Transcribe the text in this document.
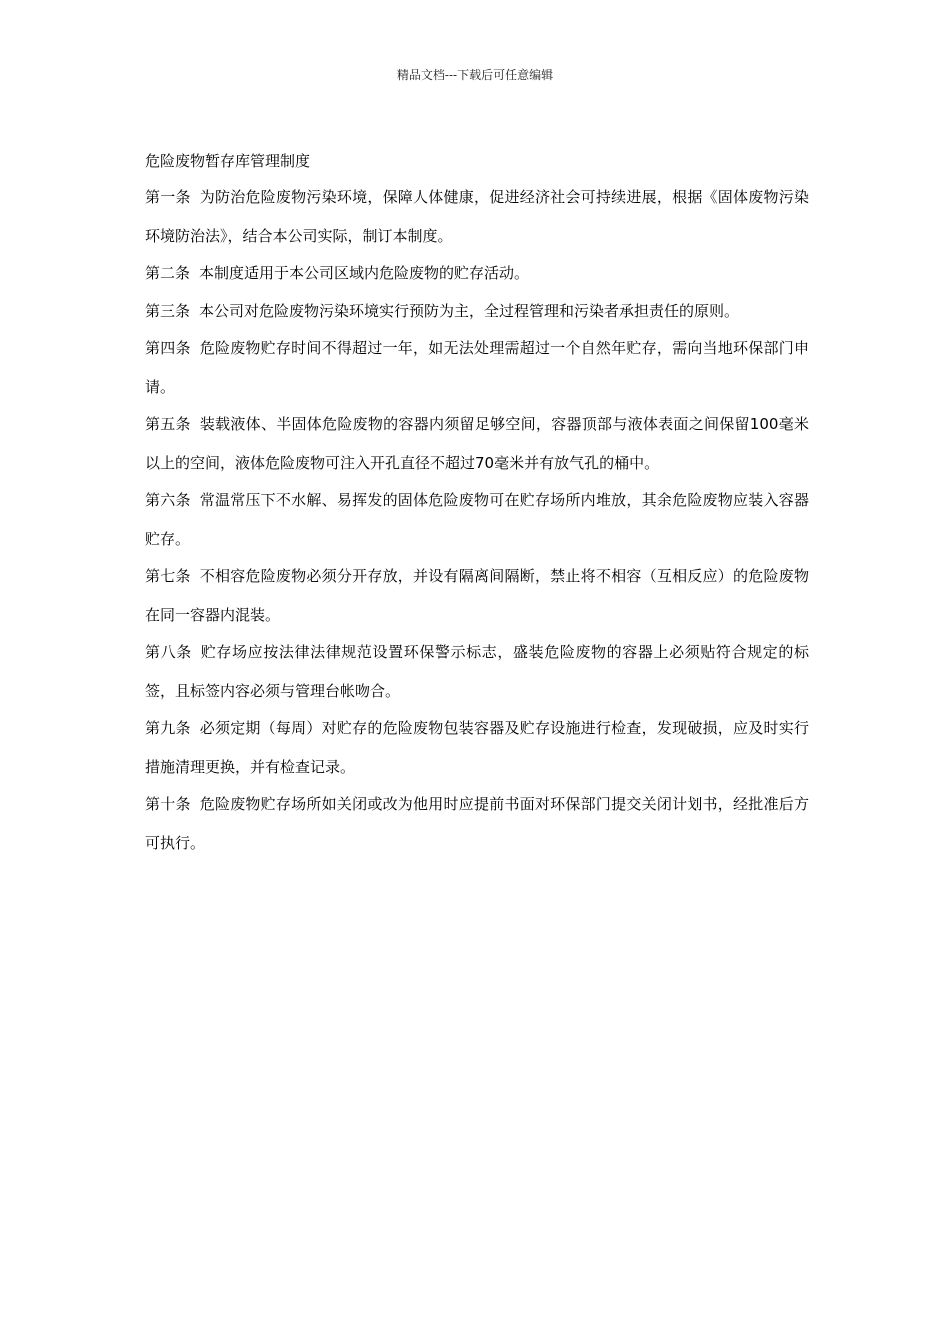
精品文档---下载后可任意编辑
危险废物暂存库管理制度

第一条 为防治危险废物污染环境，保障人体健康，促进经济社会可持续进展，根据《固体废物污染环境防治法》，结合本公司实际，制订本制度。

第二条 本制度适用于本公司区域内危险废物的贮存活动。

第三条 本公司对危险废物污染环境实行预防为主，全过程管理和污染者承担责任的原则。

第四条 危险废物贮存时间不得超过一年，如无法处理需超过一个自然年贮存，需向当地环保部门申请。

第五条 装载液体、半固体危险废物的容器内须留足够空间，容器顶部与液体表面之间保留100毫米以上的空间，液体危险废物可注入开孔直径不超过70毫米并有放气孔的桶中。

第六条 常温常压下不水解、易挥发的固体危险废物可在贮存场所内堆放，其余危险废物应装入容器贮存。

第七条 不相容危险废物必须分开存放，并设有隔离间隔断，禁止将不相容（互相反应）的危险废物在同一容器内混装。

第八条 贮存场应按法律法律规范设置环保警示标志，盛装危险废物的容器上必须贴符合规定的标签，且标签内容必须与管理台帐吻合。

第九条 必须定期（每周）对贮存的危险废物包装容器及贮存设施进行检查，发现破损，应及时实行措施清理更换，并有检查记录。

第十条 危险废物贮存场所如关闭或改为他用时应提前书面对环保部门提交关闭计划书，经批准后方可执行。
